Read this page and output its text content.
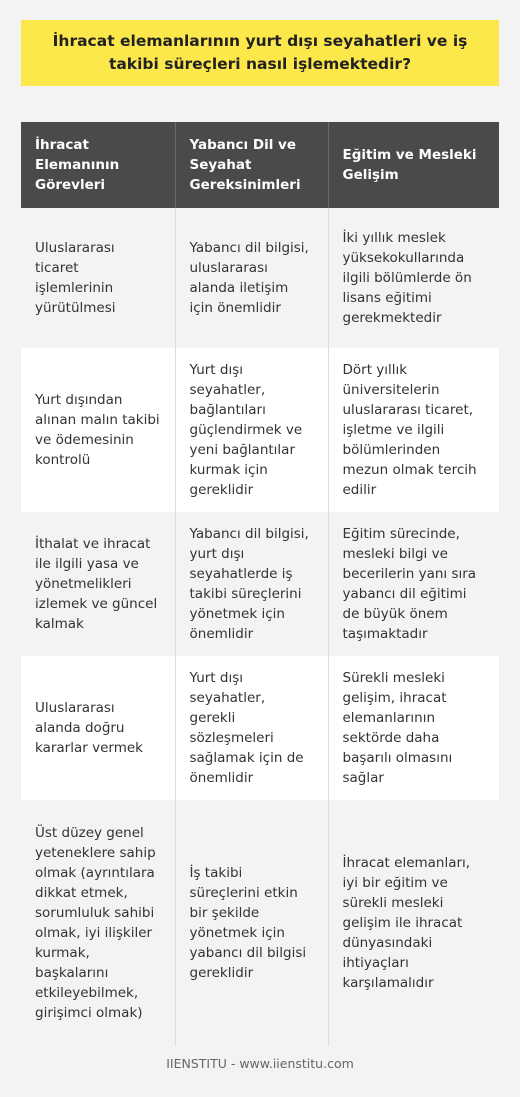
İhracat elemanlarının yurt dışı seyahatleri ve iş takibi süreçleri nasıl işlemektedir?
İhracat Elemanının Görevleri	Yabancı Dil ve Seyahat Gereksinimleri	Eğitim ve Mesleki Gelişim
Uluslararası ticaret işlemlerinin yürütülmesi	Yabancı dil bilgisi, uluslararası alanda iletişim için önemlidir	İki yıllık meslek yüksekokullarında ilgili bölümlerde ön lisans eğitimi gerekmektedir
Yurt dışından alınan malın takibi ve ödemesinin kontrolü	Yurt dışı seyahatler, bağlantıları güçlendirmek ve yeni bağlantılar kurmak için gereklidir	Dört yıllık üniversitelerin uluslararası ticaret, işletme ve ilgili bölümlerinden mezun olmak tercih edilir
İthalat ve ihracat ile ilgili yasa ve yönetmelikleri izlemek ve güncel kalmak	Yabancı dil bilgisi, yurt dışı seyahatlerde iş takibi süreçlerini yönetmek için önemlidir	Eğitim sürecinde, mesleki bilgi ve becerilerin yanı sıra yabancı dil eğitimi de büyük önem taşımaktadır
Uluslararası alanda doğru kararlar vermek	Yurt dışı seyahatler, gerekli sözleşmeleri sağlamak için de önemlidir	Sürekli mesleki gelişim, ihracat elemanlarının sektörde daha başarılı olmasını sağlar
Üst düzey genel yeteneklere sahip olmak (ayrıntılara dikkat etmek, sorumluluk sahibi olmak, iyi ilişkiler kurmak, başkalarını etkileyebilmek, girişimci olmak)	İş takibi süreçlerini etkin bir şekilde yönetmek için yabancı dil bilgisi gereklidir	İhracat elemanları, iyi bir eğitim ve sürekli mesleki gelişim ile ihracat dünyasındaki ihtiyaçları karşılamalıdır
IIENSTITU - www.iienstitu.com
